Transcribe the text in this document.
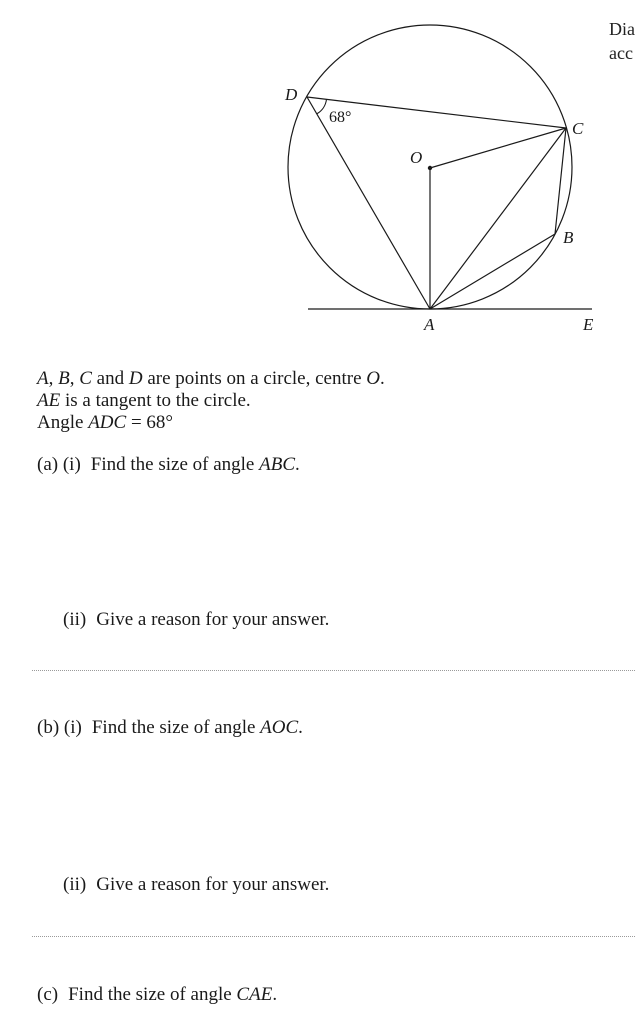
Dia
acc
D
68°
O
C
B
A	E
A, B, C and D are points on a circle, centre O.
AE is a tangent to the circle.
Angle ADC = 68°
(a) (i) Find the size of angle ABC.
(ii) Give a reason for your answer.
(b) (i) Find the size of angle AOC.
(ii) Give a reason for your answer.
(c) Find the size of angle CAE.
